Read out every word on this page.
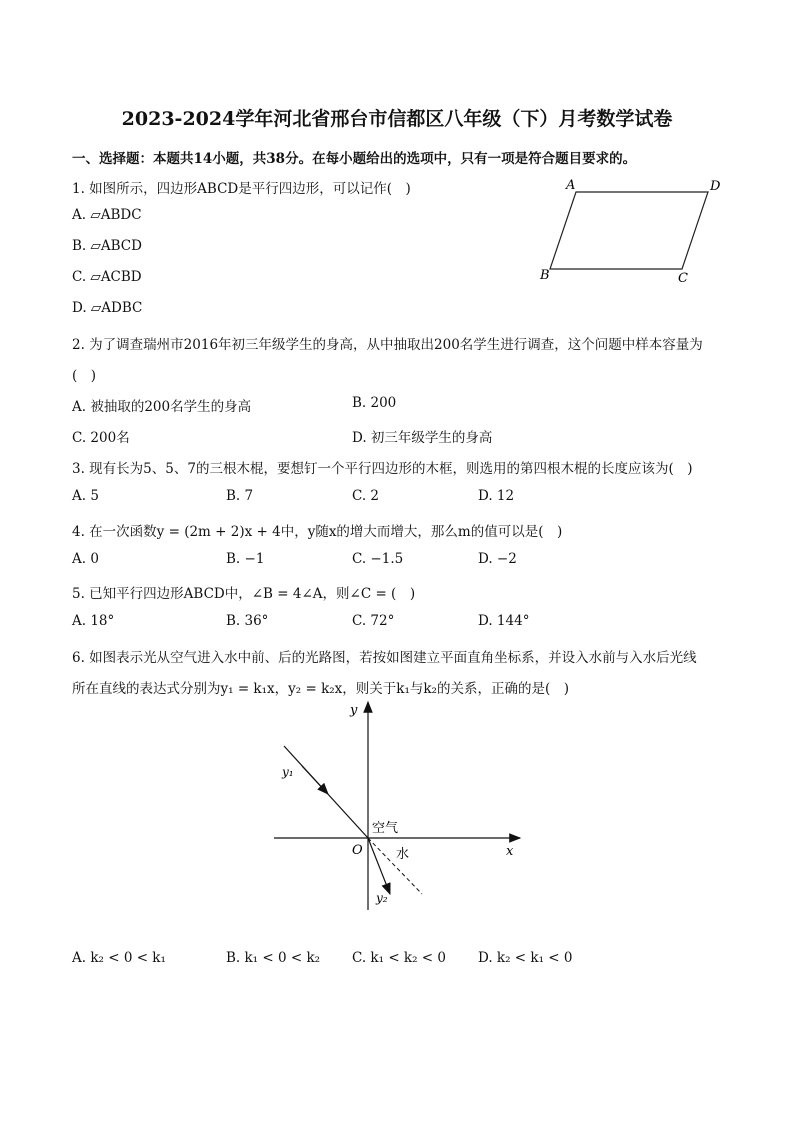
2023-2024学年河北省邢台市信都区八年级（下）月考数学试卷
一、选择题：本题共14小题，共38分。在每小题给出的选项中，只有一项是符合题目要求的。
1. 如图所示，四边形ABCD是平行四边形，可以记作(　)
A. ▱ABDC
B. ▱ABCD
C. ▱ACBD
D. ▱ADBC
A	D
B	C
2. 为了调查瑞州市2016年初三年级学生的身高，从中抽取出200名学生进行调查，这个问题中样本容量为
(　)
A. 被抽取的200名学生的身高	B. 200
C. 200名	D. 初三年级学生的身高
3. 现有长为5、5、7的三根木棍，要想钉一个平行四边形的木框，则选用的第四根木棍的长度应该为(　)
A. 5	B. 7	C. 2	D. 12
4. 在一次函数y = (2m + 2)x + 4中，y随x的增大而增大，那么m的值可以是(　)
A. 0	B. −1	C. −1.5	D. −2
5. 已知平行四边形ABCD中，∠B = 4∠A，则∠C = (　)
A. 18°	B. 36°	C. 72°	D. 144°
6. 如图表示光从空气进入水中前、后的光路图，若按如图建立平面直角坐标系，并设入水前与入水后光线
所在直线的表达式分别为y₁ = k₁x，y₂ = k₂x，则关于k₁与k₂的关系，正确的是(　)
y
x
O
空气
水
y₁
y₂
A. k₂ < 0 < k₁	B. k₁ < 0 < k₂ C. k₁ < k₂ < 0 D. k₂ < k₁ < 0
